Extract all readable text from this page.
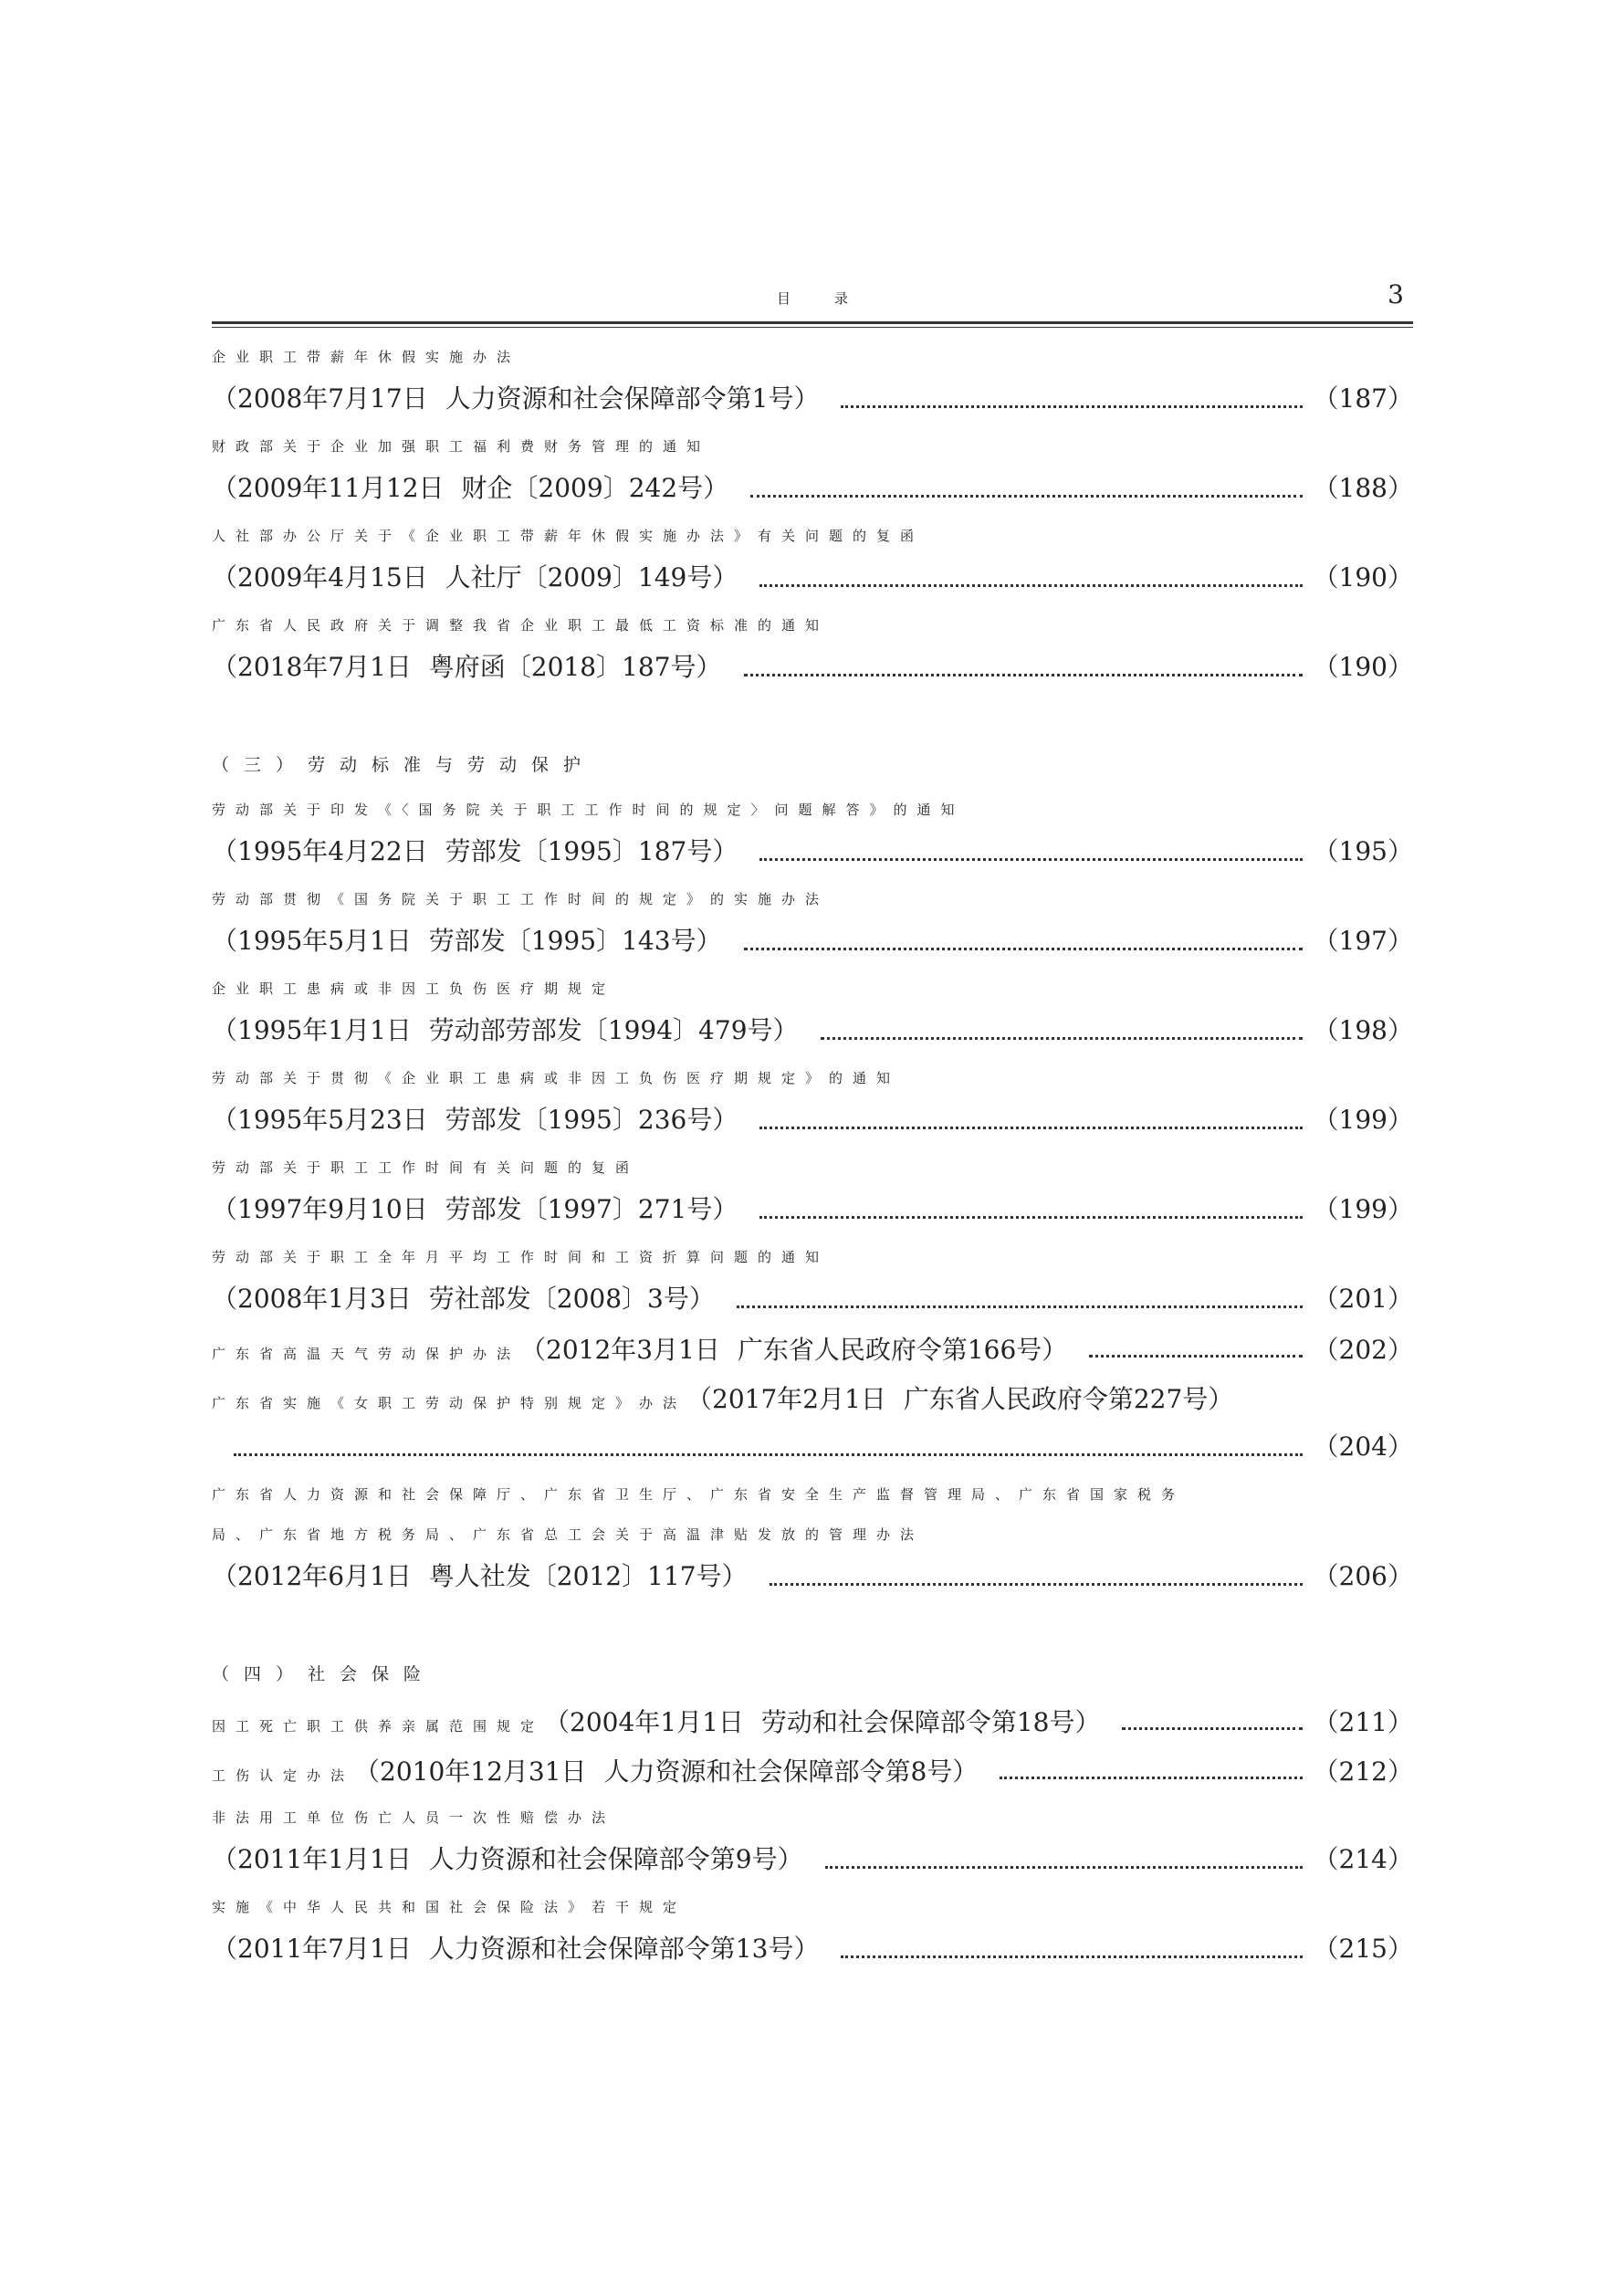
目录	3
企业职工带薪年休假实施办法
（2008年7月17日 人力资源和社会保障部令第1号）	（187）
财政部关于企业加强职工福利费财务管理的通知
（2009年11月12日 财企〔2009〕242号）	（188）
人社部办公厅关于《企业职工带薪年休假实施办法》有关问题的复函
（2009年4月15日 人社厅〔2009〕149号）	（190）
广东省人民政府关于调整我省企业职工最低工资标准的通知
（2018年7月1日 粤府函〔2018〕187号）	（190）
（三）劳动标准与劳动保护
劳动部关于印发《〈国务院关于职工工作时间的规定〉问题解答》的通知
（1995年4月22日 劳部发〔1995〕187号）	（195）
劳动部贯彻《国务院关于职工工作时间的规定》的实施办法
（1995年5月1日 劳部发〔1995〕143号）	（197）
企业职工患病或非因工负伤医疗期规定
（1995年1月1日 劳动部劳部发〔1994〕479号）	（198）
劳动部关于贯彻《企业职工患病或非因工负伤医疗期规定》的通知
（1995年5月23日 劳部发〔1995〕236号）	（199）
劳动部关于职工工作时间有关问题的复函
（1997年9月10日 劳部发〔1997〕271号）	（199）
劳动部关于职工全年月平均工作时间和工资折算问题的通知
（2008年1月3日 劳社部发〔2008〕3号）	（201）
广东省高温天气劳动保护办法 （2012年3月1日 广东省人民政府令第166号）	（202）
广东省实施《女职工劳动保护特别规定》办法 （2017年2月1日 广东省人民政府令第227号）
（204）
广东省人力资源和社会保障厅、广东省卫生厅、广东省安全生产监督管理局、广东省国家税务
局、广东省地方税务局、广东省总工会关于高温津贴发放的管理办法
（2012年6月1日 粤人社发〔2012〕117号）	（206）
（四）社会保险
因工死亡职工供养亲属范围规定 （2004年1月1日 劳动和社会保障部令第18号）	（211）
工伤认定办法 （2010年12月31日 人力资源和社会保障部令第8号）	（212）
非法用工单位伤亡人员一次性赔偿办法
（2011年1月1日 人力资源和社会保障部令第9号）	（214）
实施《中华人民共和国社会保险法》若干规定
（2011年7月1日 人力资源和社会保障部令第13号）	（215）
